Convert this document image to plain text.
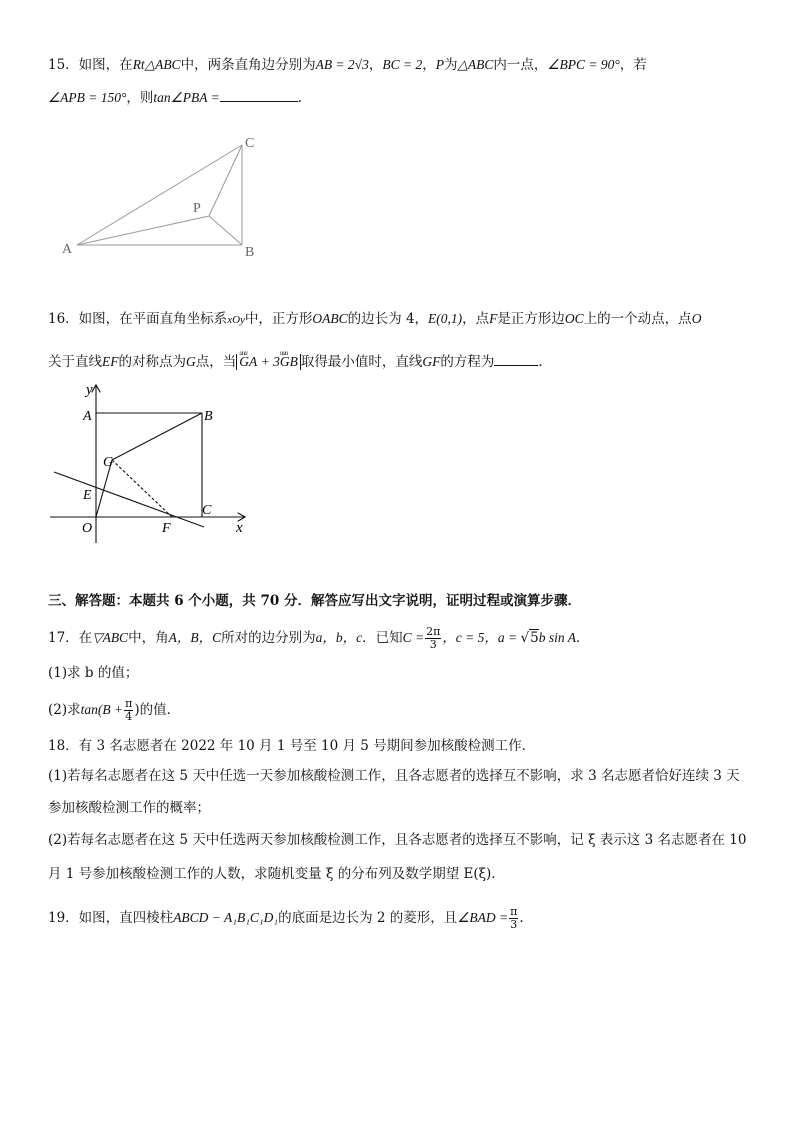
15．如图，在Rt△ABC中，两条直角边分别为AB = 2√3，BC = 2，P为△ABC内一点，∠BPC = 90°，若
∠APB = 150°，则tan∠PBA =	．
A	B
C
P
16．如图，在平面直角坐标系xOy中，正方形OABC的边长为 4，E(0,1)，点F是正方形边OC上的一个动点，点O
关于直线EF的对称点为G点，当uuu GA + 3uuu GB 取得最小值时，直线GF的方程为	．
y
x
A	B
G
E
O	F
C
三、解答题：本题共 6 个小题，共 70 分．解答应写出文字说明，证明过程或演算步骤．
17．在▽ABC中，角A，B，C所对的边分别为a，b，c．已知$C = \frac{2\pi}{3}$ ，c = 5，a = √5b sin A．
(1)求 b 的值；
(2)求$\tan(B + \frac{\pi}{4}$ )的值．
18．有 3 名志愿者在 2022 年 10 月 1 号至 10 月 5 号期间参加核酸检测工作．
(1)若每名志愿者在这 5 天中任选一天参加核酸检测工作，且各志愿者的选择互不影响，求 3 名志愿者恰好连续 3 天
参加核酸检测工作的概率；
(2)若每名志愿者在这 5 天中任选两天参加核酸检测工作，且各志愿者的选择互不影响，记 ξ 表示这 3 名志愿者在 10
月 1 号参加核酸检测工作的人数，求随机变量 ξ 的分布列及数学期望 E(ξ)．
19．如图，直四棱柱ABCD − A₁B₁C₁D₁的底面是边长为 2 的菱形，且∠BAD = $\frac{\pi}{3}$ .
